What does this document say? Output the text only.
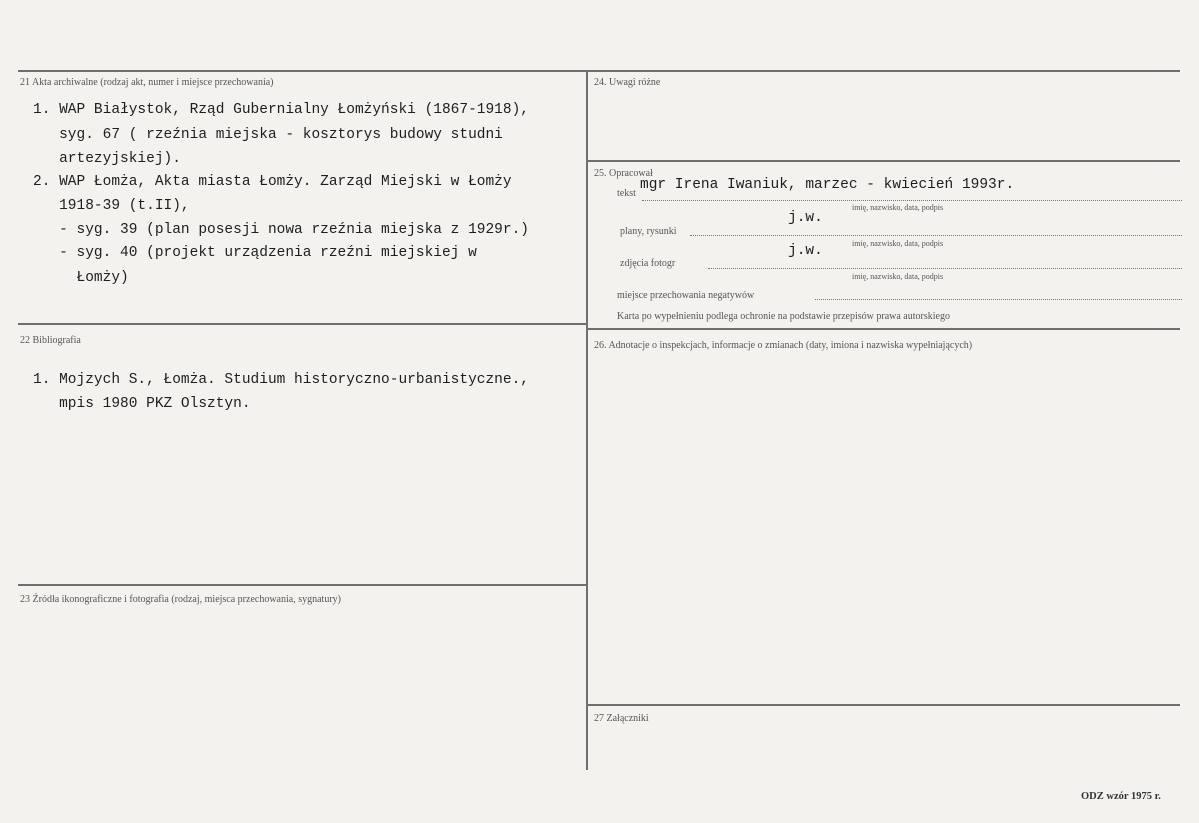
21 Akta archiwalne (rodzaj akt, numer i miejsce przechowania)
1. WAP Białystok, Rząd Gubernialny Łomżyński (1867-1918),
syg. 67 ( rzeźnia miejska - kosztorys budowy studni
artezyjskiej).
2. WAP Łomża, Akta miasta Łomży. Zarząd Miejski w Łomży
1918-39 (t.II),
- syg. 39 (plan posesji nowa rzeźnia miejska z 1929r.)
- syg. 40 (projekt urządzenia rzeźni miejskiej w
Łomży)
22 Bibliografia
1. Mojzych S., Łomża. Studium historyczno-urbanistyczne.,
mpis 1980 PKZ Olsztyn.
23 Źródła ikonograficzne i fotografia (rodzaj, miejsca przechowania, sygnatury)
24. Uwagi różne
25. Opracował
tekst
mgr Irena Iwaniuk, marzec - kwiecień 1993r.
imię, nazwisko, data, podpis
plany, rysunki
j.w.
imię, nazwisko, data, podpis
zdjęcia fotogr
j.w.
imię, nazwisko, data, podpis
miejsce przechowania negatywów
Karta po wypełnieniu podlega ochronie na podstawie przepisów prawa autorskiego
26. Adnotacje o inspekcjach, informacje o zmianach (daty, imiona i nazwiska wypełniających)
27 Załączniki
ODZ wzór 1975 r.
